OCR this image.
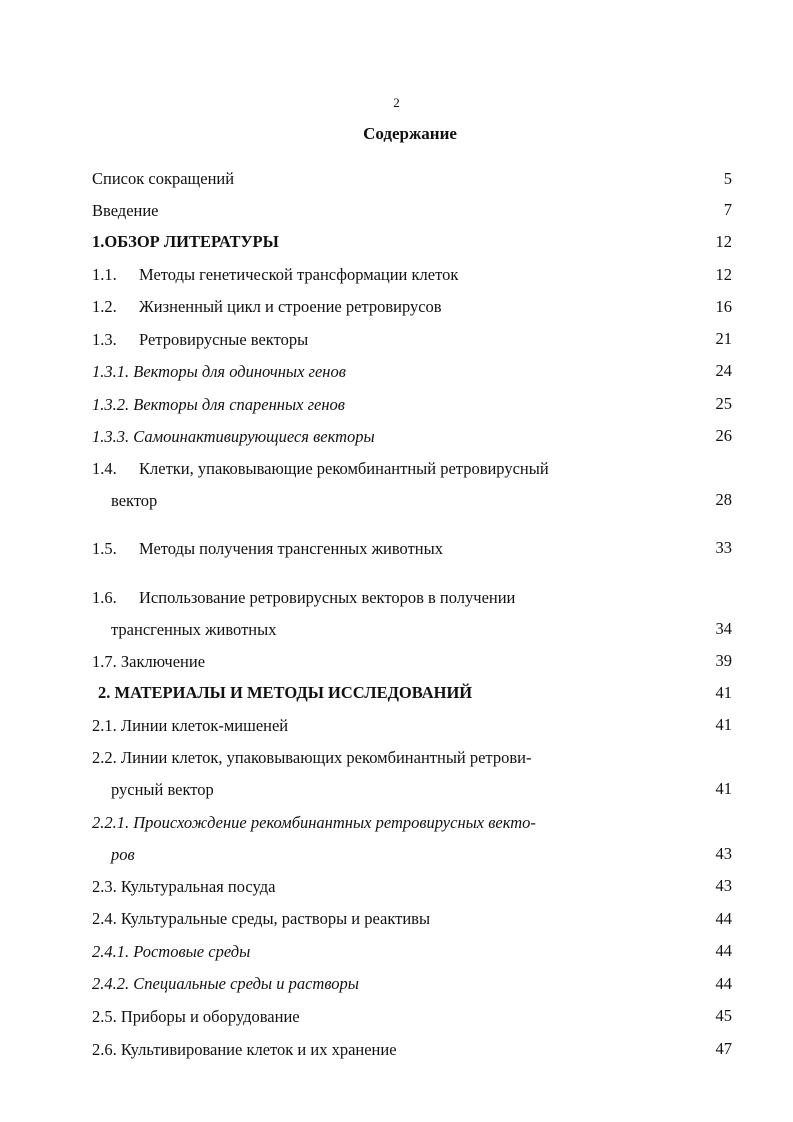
2
Содержание
Список сокращений	5
Введение	7
1.ОБЗОР ЛИТЕРАТУРЫ	12
1.1. Методы генетической трансформации клеток	12
1.2. Жизненный цикл и строение ретровирусов	16
1.3. Ретровирусные векторы	21
1.3.1. Векторы для одиночных генов	24
1.3.2. Векторы для спаренных генов	25
1.3.3. Самоинактивирующиеся векторы	26
1.4. Клетки, упаковывающие рекомбинантный ретровирусный
вектор	28
1.5. Методы получения трансгенных животных	33
1.6. Использование ретровирусных векторов в получении
трансгенных животных	34
1.7. Заключение	39
2. МАТЕРИАЛЫ И МЕТОДЫ ИССЛЕДОВАНИЙ	41
2.1. Линии клеток-мишеней	41
2.2. Линии клеток, упаковывающих рекомбинантный ретрови-
русный вектор	41
2.2.1. Происхождение рекомбинантных ретровирусных векто-
ров	43
2.3. Культуральная посуда	43
2.4. Культуральные среды, растворы и реактивы	44
2.4.1. Ростовые среды	44
2.4.2. Специальные среды и растворы	44
2.5. Приборы и оборудование	45
2.6. Культивирование клеток и их хранение	47
